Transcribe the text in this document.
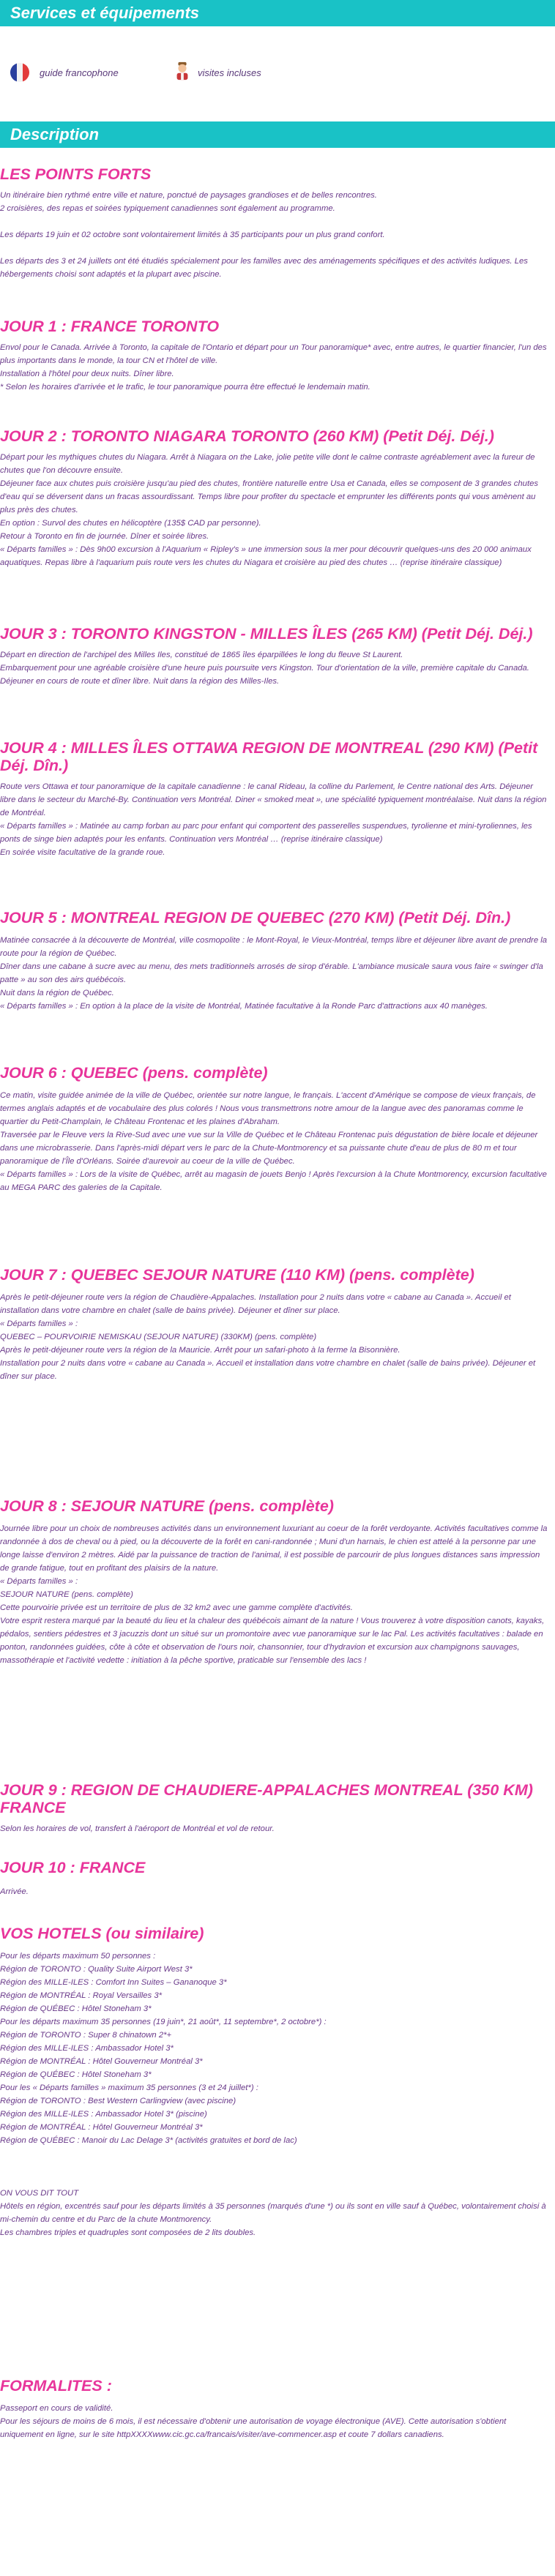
Services et équipements
guide francophone	visites incluses
Description
LES POINTS FORTS
Un itinéraire bien rythmé entre ville et nature, ponctué de paysages grandioses et de belles rencontres.
2 croisières, des repas et soirées typiquement canadiennes sont également au programme.

Les départs 19 juin et 02 octobre sont volontairement limités à 35 participants pour un plus grand confort.

Les départs des 3 et 24 juillets ont été étudiés spécialement pour les familles avec des aménagements spécifiques et des activités ludiques. Les hébergements choisi sont adaptés et la plupart avec piscine.
JOUR 1 : FRANCE TORONTO
Envol pour le Canada. Arrivée à Toronto, la capitale de l'Ontario et départ pour un Tour panoramique* avec, entre autres, le quartier financier, l'un des plus importants dans le monde, la tour CN et l'hôtel de ville.
Installation à l'hôtel pour deux nuits. Dîner libre.
* Selon les horaires d'arrivée et le trafic, le tour panoramique pourra être effectué le lendemain matin.
JOUR 2 : TORONTO NIAGARA TORONTO (260 KM) (Petit Déj. Déj.)
Départ pour les mythiques chutes du Niagara. Arrêt à Niagara on the Lake, jolie petite ville dont le calme contraste agréablement avec la fureur de chutes que l'on découvre ensuite.
Déjeuner face aux chutes puis croisière jusqu'au pied des chutes, frontière naturelle entre Usa et Canada, elles se composent de 3 grandes chutes d'eau qui se déversent dans un fracas assourdissant. Temps libre pour profiter du spectacle et emprunter les différents ponts qui vous amènent au plus près des chutes.
En option : Survol des chutes en hélicoptère (135$ CAD par personne).
Retour à Toronto en fin de journée. Dîner et soirée libres.
« Départs familles » : Dès 9h00 excursion à l'Aquarium « Ripley's » une immersion sous la mer pour découvrir quelques-uns des 20 000 animaux aquatiques. Repas libre à l'aquarium puis route vers les chutes du Niagara et croisière au pied des chutes … (reprise itinéraire classique)
JOUR 3 : TORONTO KINGSTON - MILLES ÎLES (265 KM) (Petit Déj. Déj.)
Départ en direction de l'archipel des Milles Iles, constitué de 1865 îles éparpillées le long du fleuve St Laurent.
Embarquement pour une agréable croisière d'une heure puis poursuite vers Kingston. Tour d'orientation de la ville, première capitale du Canada.
Déjeuner en cours de route et dîner libre. Nuit dans la région des Milles-Iles.
JOUR 4 : MILLES ÎLES OTTAWA REGION DE MONTREAL (290 KM) (Petit Déj. Dîn.)
Route vers Ottawa et tour panoramique de la capitale canadienne : le canal Rideau, la colline du Parlement, le Centre national des Arts. Déjeuner libre dans le secteur du Marché-By. Continuation vers Montréal. Diner « smoked meat », une spécialité typiquement montréalaise. Nuit dans la région de Montréal.
« Départs familles » : Matinée au camp forban au parc pour enfant qui comportent des passerelles suspendues, tyrolienne et mini-tyroliennes, les ponts de singe bien adaptés pour les enfants. Continuation vers Montréal … (reprise itinéraire classique)
En soirée visite facultative de la grande roue.
JOUR 5 : MONTREAL REGION DE QUEBEC (270 KM) (Petit Déj. Dîn.)
Matinée consacrée à la découverte de Montréal, ville cosmopolite : le Mont-Royal, le Vieux-Montréal, temps libre et déjeuner libre avant de prendre la route pour la région de Québec.
Dîner dans une cabane à sucre avec au menu, des mets traditionnels arrosés de sirop d'érable. L'ambiance musicale saura vous faire « swinger d'la patte » au son des airs québécois.
Nuit dans la région de Québec.
« Départs familles » : En option à la place de la visite de Montréal, Matinée facultative à la Ronde Parc d'attractions aux 40 manèges.
JOUR 6 : QUEBEC (pens. complète)
Ce matin, visite guidée animée de la ville de Québec, orientée sur notre langue, le français. L'accent d'Amérique se compose de vieux français, de termes anglais adaptés et de vocabulaire des plus colorés ! Nous vous transmettrons notre amour de la langue avec des panoramas comme le quartier du Petit-Champlain, le Château Frontenac et les plaines d'Abraham.
Traversée par le Fleuve vers la Rive-Sud avec une vue sur la Ville de Québec et le Château Frontenac puis dégustation de bière locale et déjeuner dans une microbrasserie. Dans l'après-midi départ vers le parc de la Chute-Montmorency et sa puissante chute d'eau de plus de 80 m et tour panoramique de l'Île d'Orléans. Soirée d'aurevoir au coeur de la ville de Québec.
« Départs familles » : Lors de la visite de Québec, arrêt au magasin de jouets Benjo ! Après l'excursion à la Chute Montmorency, excursion facultative au MEGA PARC des galeries de la Capitale.
JOUR 7 : QUEBEC SEJOUR NATURE (110 KM) (pens. complète)
Après le petit-déjeuner route vers la région de Chaudière-Appalaches. Installation pour 2 nuits dans votre « cabane au Canada ». Accueil et installation dans votre chambre en chalet (salle de bains privée). Déjeuner et dîner sur place.
« Départs familles » :
QUEBEC – POURVOIRIE NEMISKAU (SEJOUR NATURE) (330KM) (pens. complète)
Après le petit-déjeuner route vers la région de la Mauricie. Arrêt pour un safari-photo à la ferme la Bisonnière.
Installation pour 2 nuits dans votre « cabane au Canada ». Accueil et installation dans votre chambre en chalet (salle de bains privée). Déjeuner et dîner sur place.
JOUR 8 : SEJOUR NATURE (pens. complète)
Journée libre pour un choix de nombreuses activités dans un environnement luxuriant au coeur de la forêt verdoyante. Activités facultatives comme la randonnée à dos de cheval ou à pied, ou la découverte de la forêt en cani-randonnée ; Muni d'un harnais, le chien est attelé à la personne par une longe laisse d'environ 2 mètres. Aidé par la puissance de traction de l'animal, il est possible de parcourir de plus longues distances sans impression de grande fatigue, tout en profitant des plaisirs de la nature.
« Départs familles » :
SEJOUR NATURE (pens. complète)
Cette pourvoirie privée est un territoire de plus de 32 km2 avec une gamme complète d'activités.
Votre esprit restera marqué par la beauté du lieu et la chaleur des québécois aimant de la nature ! Vous trouverez à votre disposition canots, kayaks, pédalos, sentiers pédestres et 3 jacuzzis dont un situé sur un promontoire avec vue panoramique sur le lac Pal. Les activités facultatives : balade en ponton, randonnées guidées, côte à côte et observation de l'ours noir, chansonnier, tour d'hydravion et excursion aux champignons sauvages, massothérapie et l'activité vedette : initiation à la pêche sportive, praticable sur l'ensemble des lacs !
JOUR 9 : REGION DE CHAUDIERE-APPALACHES MONTREAL (350 KM) FRANCE
Selon les horaires de vol, transfert à l'aéroport de Montréal et vol de retour.
JOUR 10 : FRANCE
Arrivée.
VOS HOTELS (ou similaire)
Pour les départs maximum 50 personnes :
Région de TORONTO : Quality Suite Airport West 3*
Région des MILLE-ILES : Comfort Inn Suites – Gananoque 3*
Région de MONTRÉAL : Royal Versailles 3*
Région de QUÉBEC : Hôtel Stoneham 3*
Pour les départs maximum 35 personnes (19 juin*, 21 août*, 11 septembre*, 2 octobre*) :
Région de TORONTO : Super 8 chinatown 2*+
Région des MILLE-ILES : Ambassador Hotel 3*
Région de MONTRÉAL : Hôtel Gouverneur Montréal 3*
Région de QUÉBEC : Hôtel Stoneham 3*
Pour les « Départs familles » maximum 35 personnes (3 et 24 juillet*) :
Région de TORONTO : Best Western Carlingview (avec piscine)
Région des MILLE-ILES : Ambassador Hotel 3* (piscine)
Région de MONTRÉAL : Hôtel Gouverneur Montréal 3*
Région de QUÉBEC : Manoir du Lac Delage 3* (activités gratuites et bord de lac)

ON VOUS DIT TOUT
Hôtels en région, excentrés sauf pour les départs limités à 35 personnes (marqués d'une *) ou ils sont en ville sauf à Québec, volontairement choisi à mi-chemin du centre et du Parc de la chute Montmorency.
Les chambres triples et quadruples sont composées de 2 lits doubles.
FORMALITES :
Passeport en cours de validité.
Pour les séjours de moins de 6 mois, il est nécessaire d'obtenir une autorisation de voyage électronique (AVE). Cette autorisation s'obtient uniquement en ligne, sur le site httpXXXXwww.cic.gc.ca/francais/visiter/ave-commencer.asp et coute 7 dollars canadiens.
